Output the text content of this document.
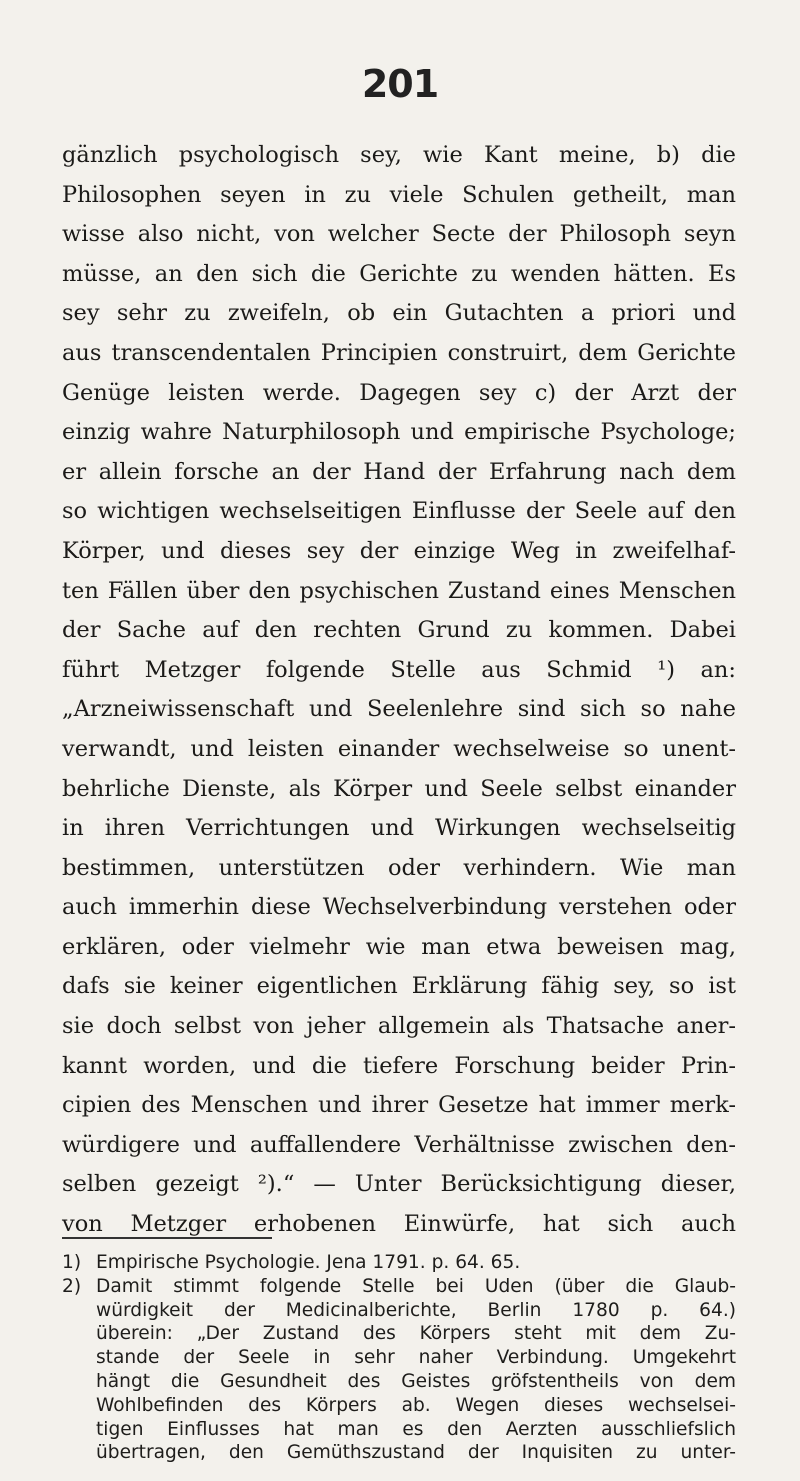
201
gänzlich psychologisch sey, wie Kant meine, b) die
Philosophen seyen in zu viele Schulen getheilt, man
wisse also nicht, von welcher Secte der Philosoph seyn
müsse, an den sich die Gerichte zu wenden hätten. Es
sey sehr zu zweifeln, ob ein Gutachten a priori und
aus transcendentalen Principien construirt, dem Gerichte
Genüge leisten werde. Dagegen sey c) der Arzt der
einzig wahre Naturphilosoph und empirische Psychologe;
er allein forsche an der Hand der Erfahrung nach dem
so wichtigen wechselseitigen Einflusse der Seele auf den
Körper, und dieses sey der einzige Weg in zweifelhaf-
ten Fällen über den psychischen Zustand eines Menschen
der Sache auf den rechten Grund zu kommen. Dabei
führt Metzger folgende Stelle aus Schmid ¹) an:
„Arzneiwissenschaft und Seelenlehre sind sich so nahe
verwandt, und leisten einander wechselweise so unent-
behrliche Dienste, als Körper und Seele selbst einander
in ihren Verrichtungen und Wirkungen wechselseitig
bestimmen, unterstützen oder verhindern. Wie man
auch immerhin diese Wechselverbindung verstehen oder
erklären, oder vielmehr wie man etwa beweisen mag,
dafs sie keiner eigentlichen Erklärung fähig sey, so ist
sie doch selbst von jeher allgemein als Thatsache aner-
kannt worden, und die tiefere Forschung beider Prin-
cipien des Menschen und ihrer Gesetze hat immer merk-
würdigere und auffallendere Verhältnisse zwischen den-
selben gezeigt ²).“ — Unter Berücksichtigung dieser,
von Metzger erhobenen Einwürfe, hat sich auch
1) Empirische Psychologie. Jena 1791. p. 64. 65.
2) Damit stimmt folgende Stelle bei Uden (über die Glaub-
würdigkeit der Medicinalberichte, Berlin 1780 p. 64.)
überein: „Der Zustand des Körpers steht mit dem Zu-
stande der Seele in sehr naher Verbindung. Umgekehrt
hängt die Gesundheit des Geistes gröfstentheils von dem
Wohlbefinden des Körpers ab. Wegen dieses wechselsei-
tigen Einflusses hat man es den Aerzten ausschliefslich
übertragen, den Gemüthszustand der Inquisiten zu unter-
